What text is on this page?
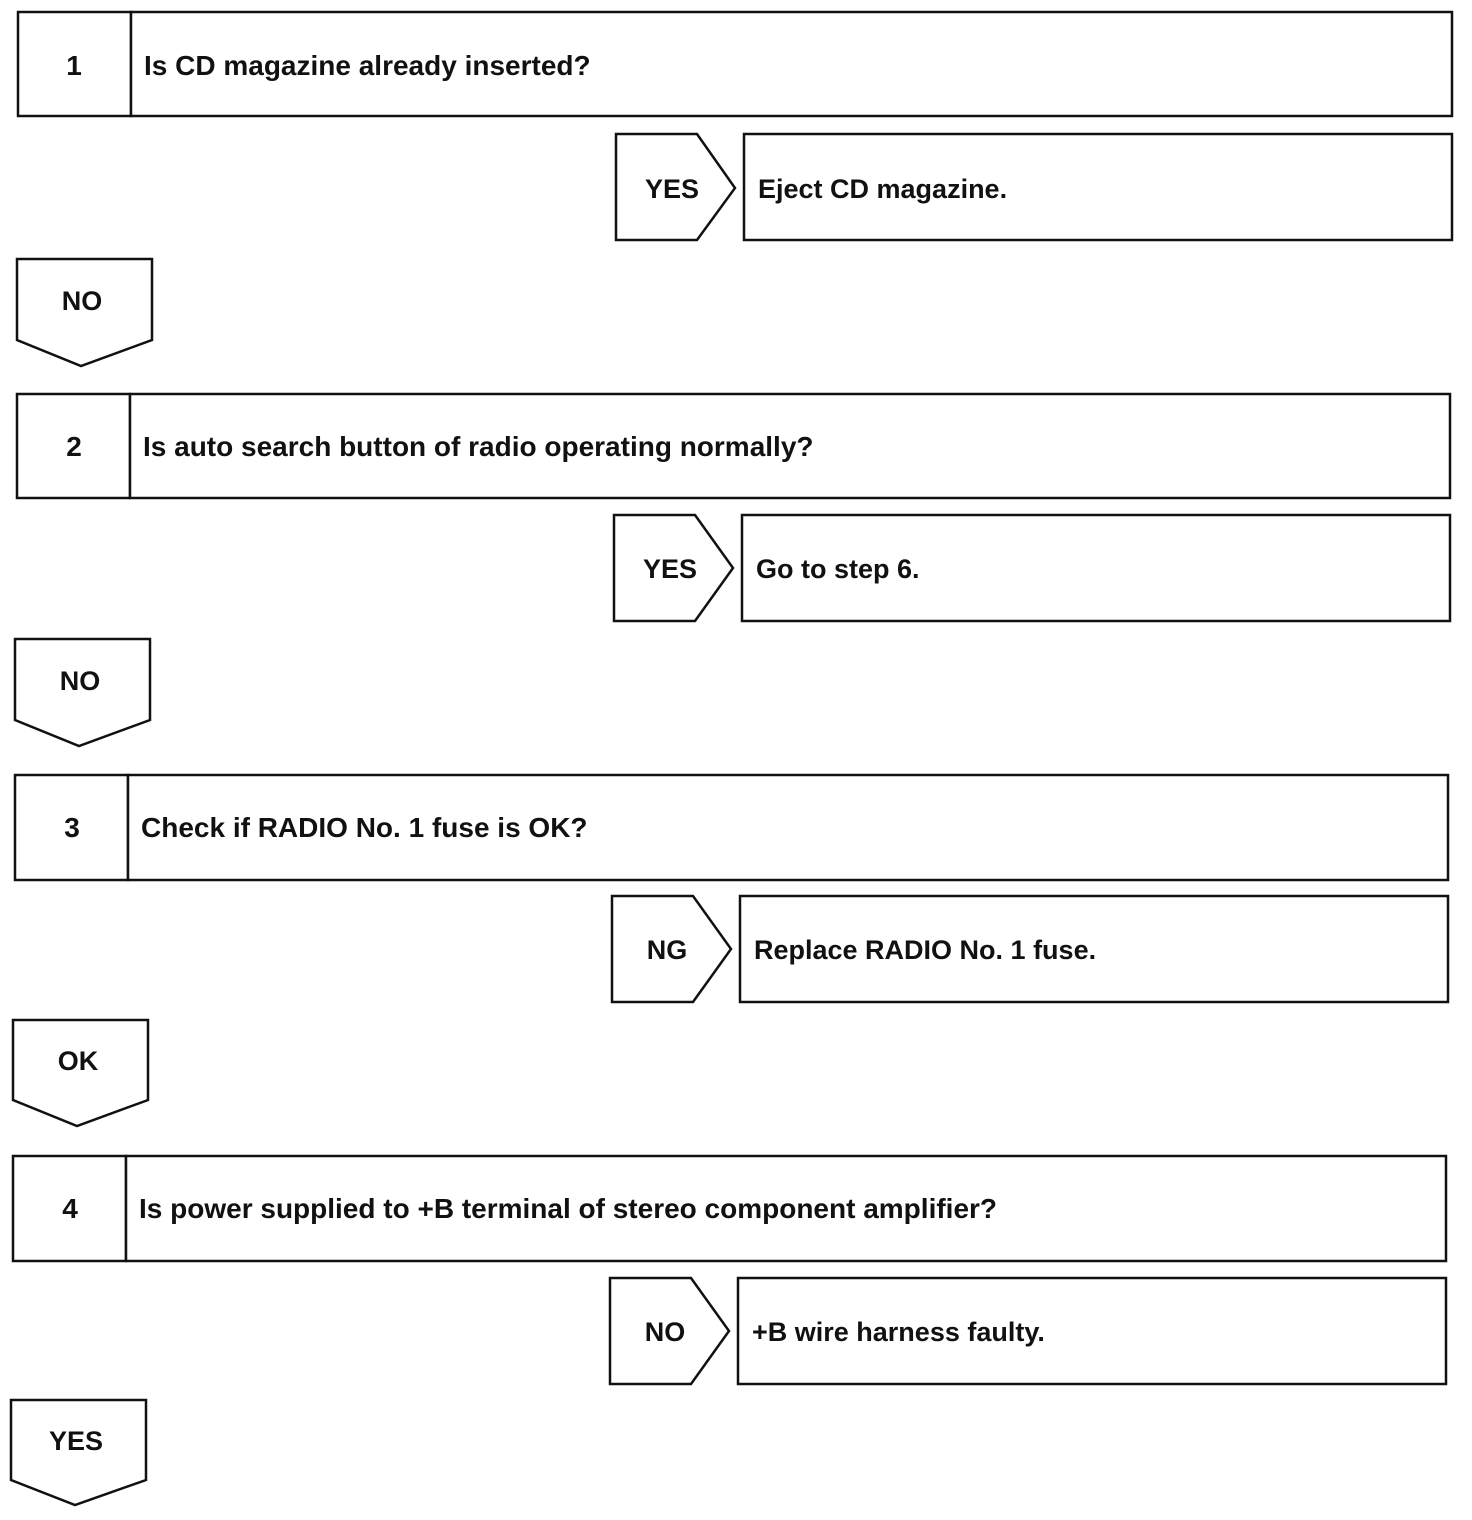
1 Is CD magazine already inserted?
YES Eject CD magazine.
NO
2 Is auto search button of radio operating normally?
YES Go to step 6.
NO
3 Check if RADIO No. 1 fuse is OK?
NG Replace RADIO No. 1 fuse.
OK
4 Is power supplied to +B terminal of stereo component amplifier?
NO +B wire harness faulty.
YES
